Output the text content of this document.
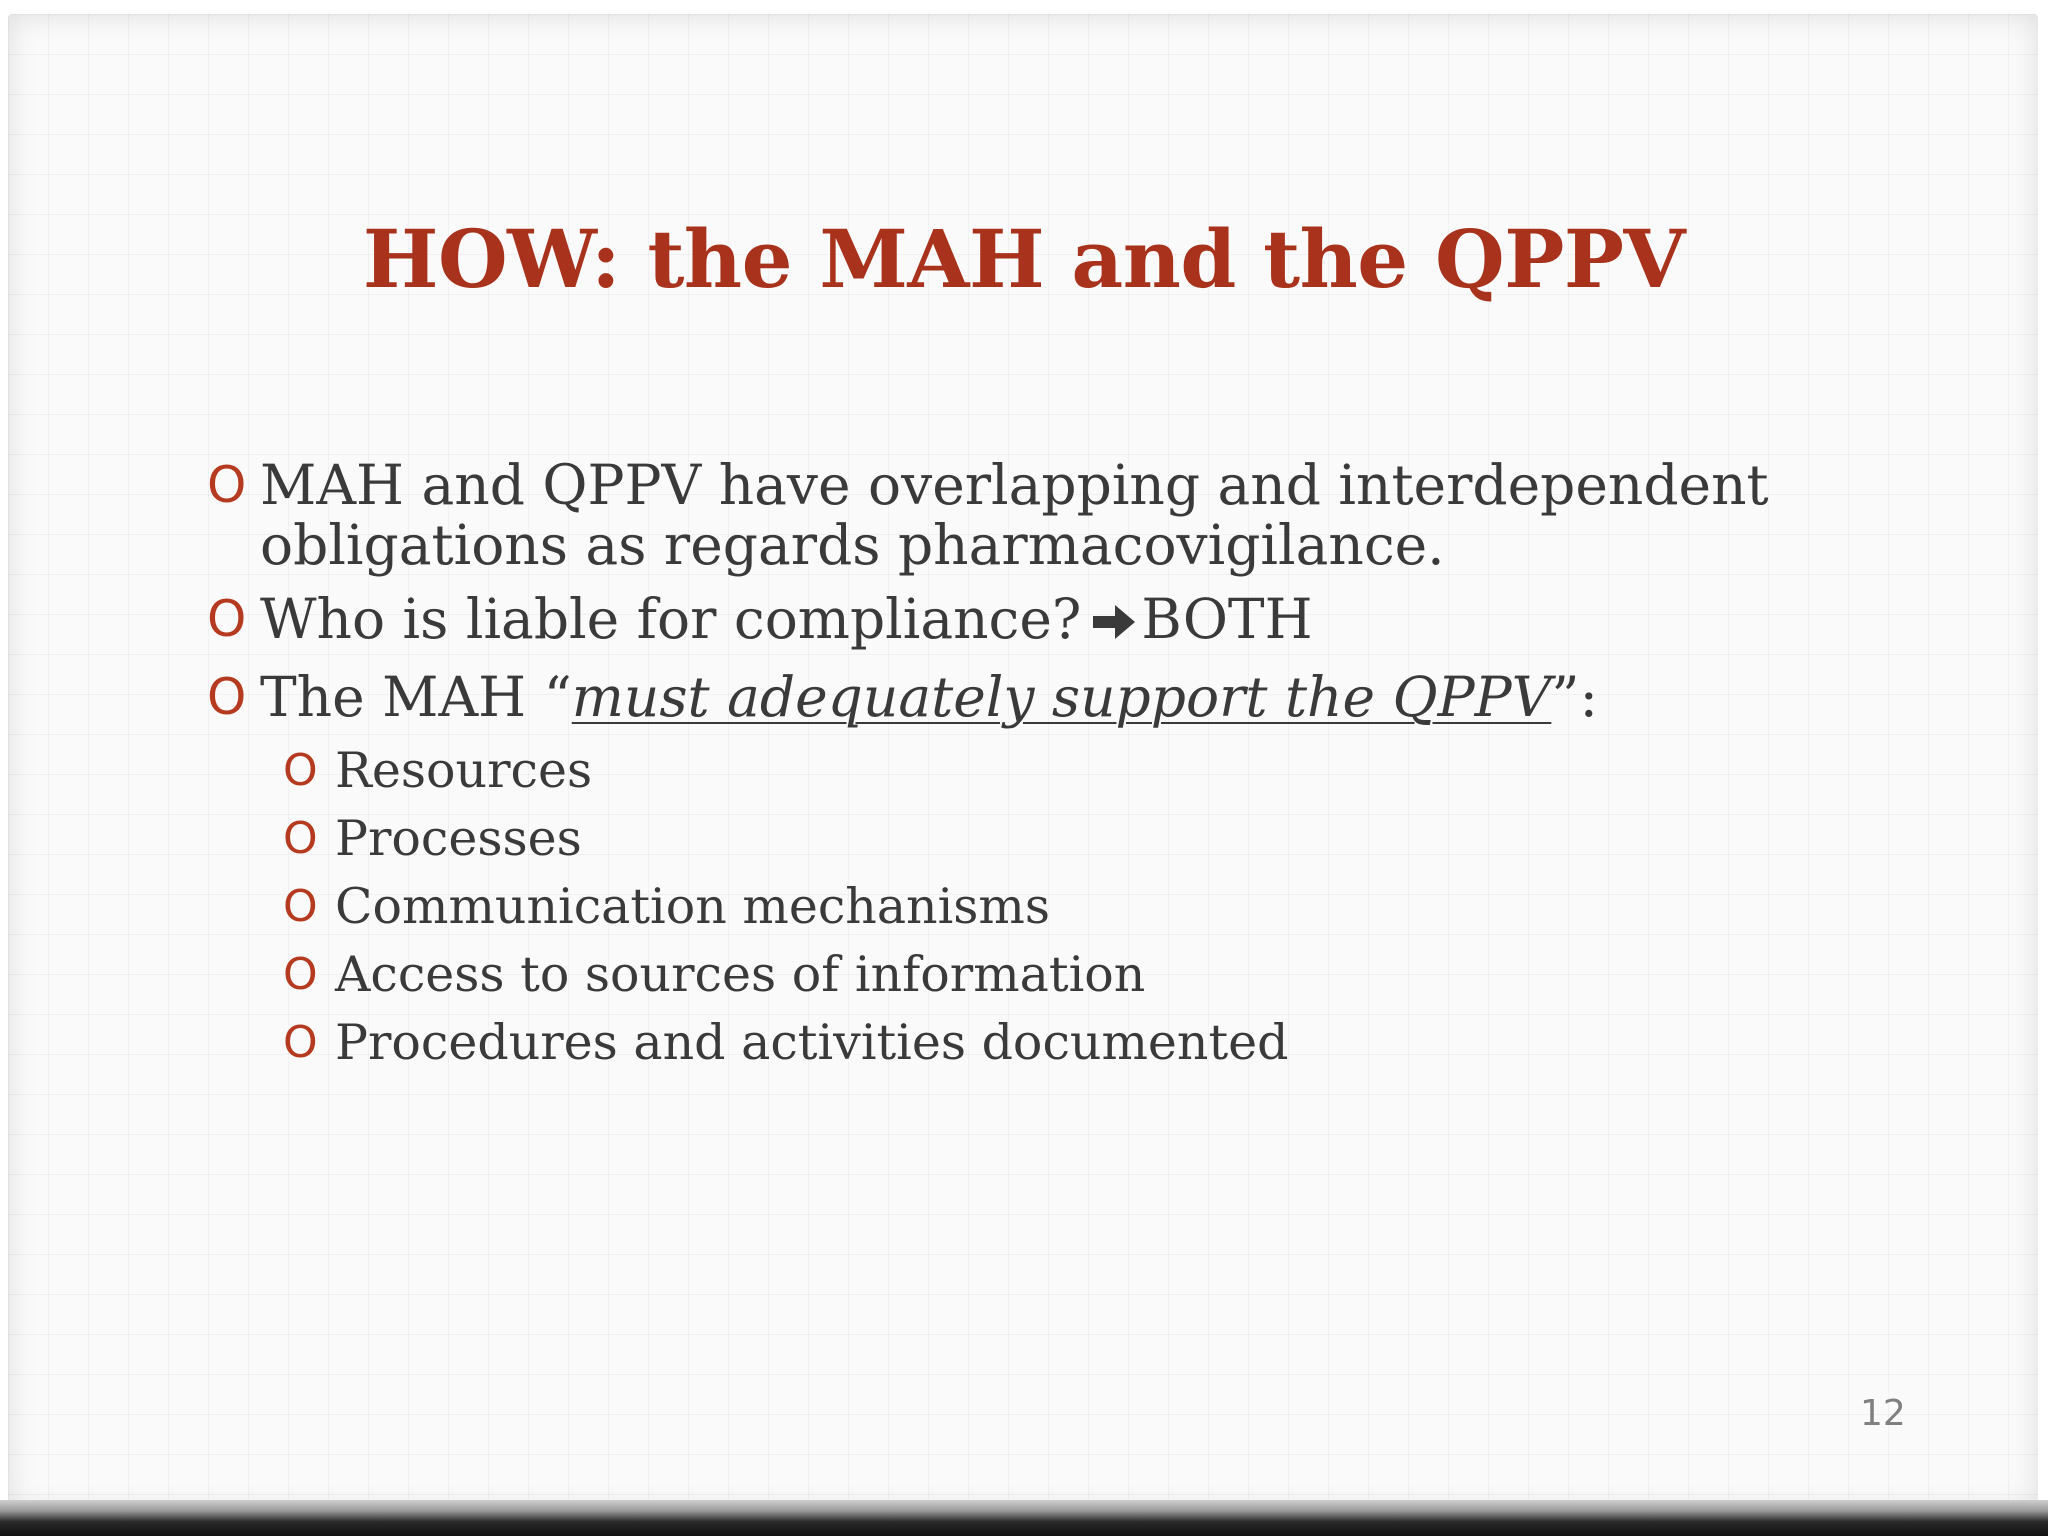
HOW: the MAH and the QPPV
O MAH and QPPV have overlapping and interdependent
obligations as regards pharmacovigilance.
O Who is liable for compliance? BOTH
O The MAH “must adequately support the QPPV”:
O Resources
O Processes
O Communication mechanisms
O Access to sources of information
O Procedures and activities documented
12
